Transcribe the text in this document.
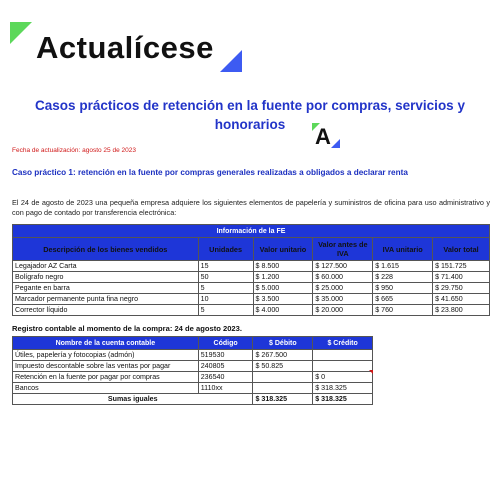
Actualícese
Casos prácticos de retención en la fuente por compras, servicios y
honorarios	A
Fecha de actualización: agosto 25 de 2023
Caso práctico 1: retención en la fuente por compras generales realizadas a obligados a declarar renta
El 24 de agosto de 2023 una pequeña empresa adquiere los siguientes elementos de papelería y suministros de oficina para uso administrativo y con pago de contado por transferencia electrónica:
Información de la FE					
Descripción de los bienes vendidos	Unidades	Valor unitario	Valor antes de IVA	IVA unitario	Valor total
Legajador AZ Carta	15	$ 8.500	$ 127.500	$ 1.615	$ 151.725
Bolígrafo negro	50	$ 1.200	$ 60.000	$ 228	$ 71.400
Pegante en barra	5	$ 5.000	$ 25.000	$ 950	$ 29.750
Marcador permanente punta fina negro	10	$ 3.500	$ 35.000	$ 665	$ 41.650
Corrector líquido	5	$ 4.000	$ 20.000	$ 760	$ 23.800
Registro contable al momento de la compra: 24 de agosto 2023.
Nombre de la cuenta contable	Código	$ Débito	$ Crédito
Útiles, papelería y fotocopias (admón)	519530	$ 267.500	
Impuesto descontable sobre las ventas por pagar	240805	$ 50.825	
Retención en la fuente por pagar por compras	236540		$ 0
Bancos	1110xx		$ 318.325
Sumas iguales		$ 318.325	$ 318.325
